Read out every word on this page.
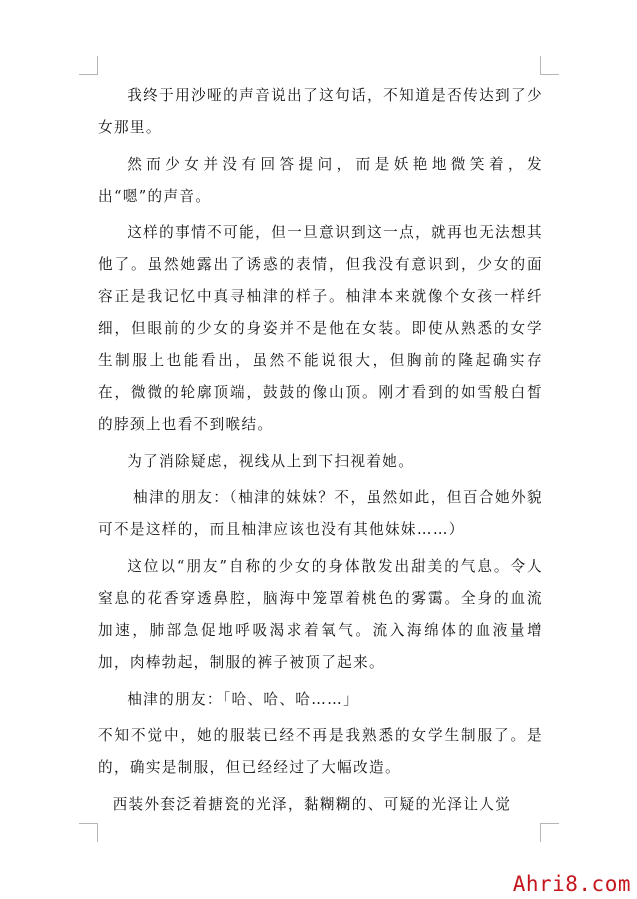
我终于用沙哑的声音说出了这句话，不知道是否传达到了少女那里。

然而少女并没有回答提问，而是妖艳地微笑着，发出“嗯”的声音。

这样的事情不可能，但一旦意识到这一点，就再也无法想其他了。虽然她露出了诱惑的表情，但我没有意识到，少女的面容正是我记忆中真寻柚津的样子。柚津本来就像个女孩一样纤细，但眼前的少女的身姿并不是他在女装。即使从熟悉的女学生制服上也能看出，虽然不能说很大，但胸前的隆起确实存在，微微的轮廓顶端，鼓鼓的像山顶。刚才看到的如雪般白皙的脖颈上也看不到喉结。

为了消除疑虑，视线从上到下扫视着她。

柚津的朋友：（柚津的妹妹？不，虽然如此，但百合她外貌可不是这样的，而且柚津应该也没有其他妹妹……）

这位以“朋友”自称的少女的身体散发出甜美的气息。令人窒息的花香穿透鼻腔，脑海中笼罩着桃色的雾霭。全身的血流加速，肺部急促地呼吸渴求着氧气。流入海绵体的血液量增加，肉棒勃起，制服的裤子被顶了起来。

柚津的朋友：「哈、哈、哈……」

不知不觉中，她的服装已经不再是我熟悉的女学生制服了。是的，确实是制服，但已经经过了大幅改造。

西装外套泛着搪瓷的光泽，黏糊糊的、可疑的光泽让人觉

Ahri8.com
